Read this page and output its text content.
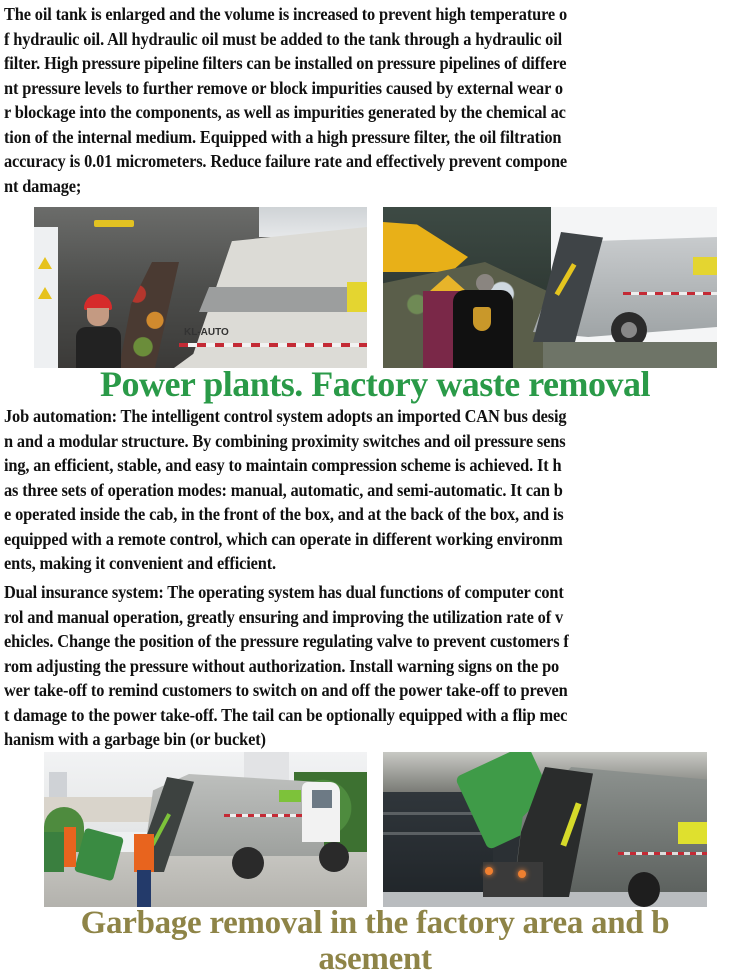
The oil tank is enlarged and the volume is increased to prevent high temperature o
f hydraulic oil. All hydraulic oil must be added to the tank through a hydraulic oil
filter. High pressure pipeline filters can be installed on pressure pipelines of differe
nt pressure levels to further remove or block impurities caused by external wear o
r blockage into the components, as well as impurities generated by the chemical ac
tion of the internal medium. Equipped with a high pressure filter, the oil filtration
accuracy is 0.01 micrometers. Reduce failure rate and effectively prevent compone
nt damage;
KL-AUTO
Power plants. Factory waste removal
Job automation: The intelligent control system adopts an imported CAN bus desig
n and a modular structure. By combining proximity switches and oil pressure sens
ing, an efficient, stable, and easy to maintain compression scheme is achieved. It h
as three sets of operation modes: manual, automatic, and semi-automatic. It can b
e operated inside the cab, in the front of the box, and at the back of the box, and is
equipped with a remote control, which can operate in different working environm
ents, making it convenient and efficient.
Dual insurance system: The operating system has dual functions of computer cont
rol and manual operation, greatly ensuring and improving the utilization rate of v
ehicles. Change the position of the pressure regulating valve to prevent customers f
rom adjusting the pressure without authorization. Install warning signs on the po
wer take-off to remind customers to switch on and off the power take-off to preven
t damage to the power take-off. The tail can be optionally equipped with a flip mec
hanism with a garbage bin (or bucket)
Garbage removal in the factory area and b
asement
